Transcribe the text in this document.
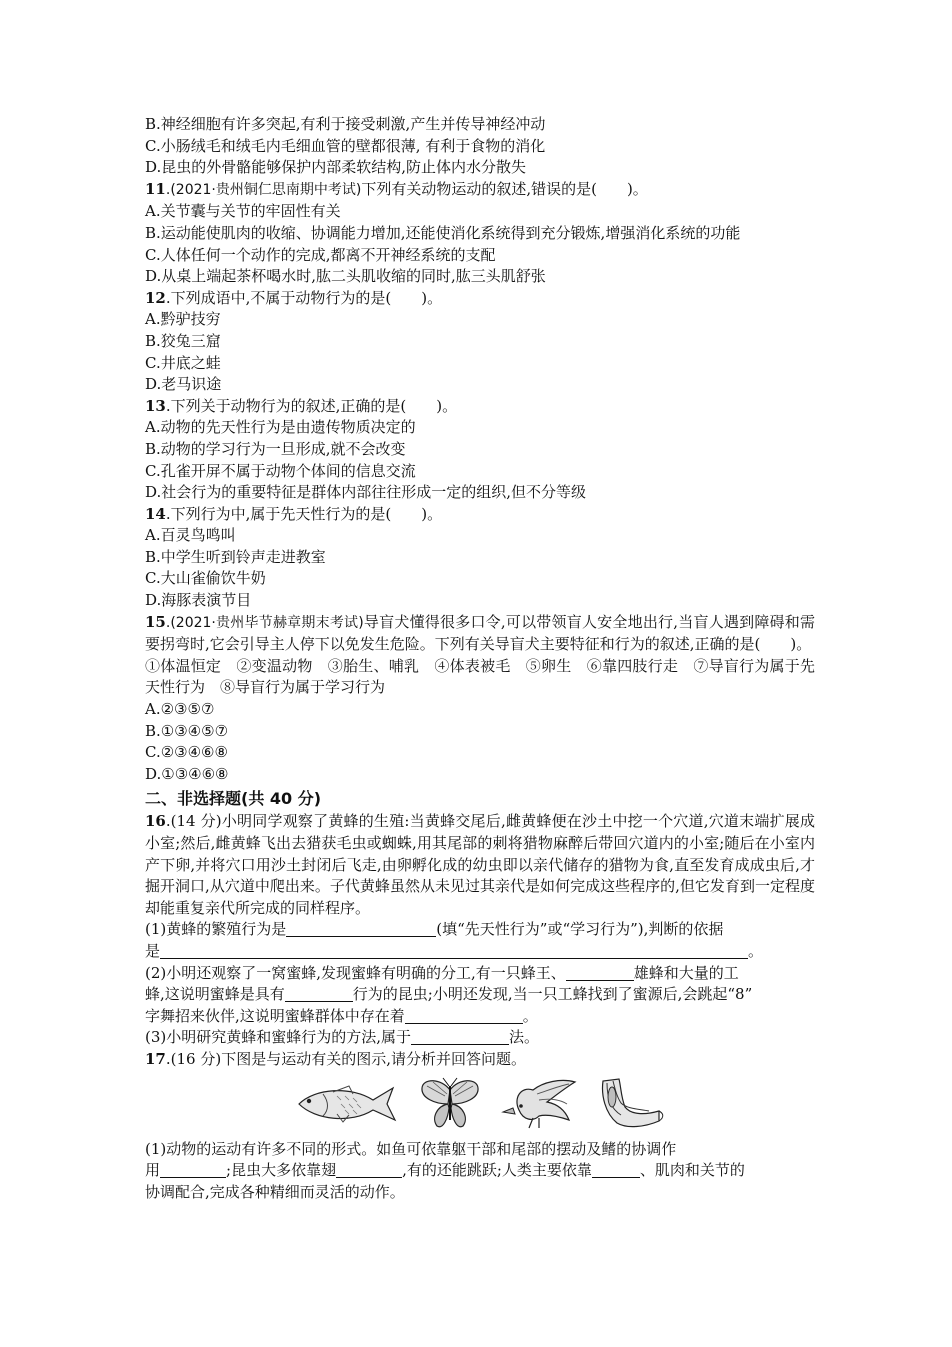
B.神经细胞有许多突起,有利于接受刺激,产生并传导神经冲动
C.小肠绒毛和绒毛内毛细血管的壁都很薄, 有利于食物的消化
D.昆虫的外骨骼能够保护内部柔软结构,防止体内水分散失
11.(2021·贵州铜仁思南期中考试)下列有关动物运动的叙述,错误的是(　　)。
A.关节囊与关节的牢固性有关
B.运动能使肌肉的收缩、协调能力增加,还能使消化系统得到充分锻炼,增强消化系统的功能
C.人体任何一个动作的完成,都离不开神经系统的支配
D.从桌上端起茶杯喝水时,肱二头肌收缩的同时,肱三头肌舒张
12.下列成语中,不属于动物行为的是(　　)。
A.黔驴技穷
B.狡兔三窟
C.井底之蛙
D.老马识途
13.下列关于动物行为的叙述,正确的是(　　)。
A.动物的先天性行为是由遗传物质决定的
B.动物的学习行为一旦形成,就不会改变
C.孔雀开屏不属于动物个体间的信息交流
D.社会行为的重要特征是群体内部往往形成一定的组织,但不分等级
14.下列行为中,属于先天性行为的是(　　)。
A.百灵鸟鸣叫
B.中学生听到铃声走进教室
C.大山雀偷饮牛奶
D.海豚表演节目
15.(2021·贵州毕节赫章期末考试)导盲犬懂得很多口令,可以带领盲人安全地出行,当盲人遇到障碍和需要拐弯时,它会引导主人停下以免发生危险。下列有关导盲犬主要特征和行为的叙述,正确的是(　　)。
①体温恒定　②变温动物　③胎生、哺乳　④体表被毛　⑤卵生　⑥靠四肢行走　⑦导盲行为属于先天性行为　⑧导盲行为属于学习行为
A.②③⑤⑦
B.①③④⑤⑦
C.②③④⑥⑧
D.①③④⑥⑧
二、非选择题(共 40 分)
16.(14 分)小明同学观察了黄蜂的生殖:当黄蜂交尾后,雌黄蜂便在沙土中挖一个穴道,穴道末端扩展成小室;然后,雌黄蜂飞出去猎获毛虫或蜘蛛,用其尾部的刺将猎物麻醉后带回穴道内的小室;随后在小室内产下卵,并将穴口用沙土封闭后飞走,由卵孵化成的幼虫即以亲代储存的猎物为食,直至发育成成虫后,才掘开洞口,从穴道中爬出来。子代黄蜂虽然从未见过其亲代是如何完成这些程序的,但它发育到一定程度却能重复亲代所完成的同样程序。
(1)黄蜂的繁殖行为是	(填“先天性行为”或“学习行为”),判断的依据
是	。
(2)小明还观察了一窝蜜蜂,发现蜜蜂有明确的分工,有一只蜂王、	雄蜂和大量的工
蜂,这说明蜜蜂是具有	行为的昆虫;小明还发现,当一只工蜂找到了蜜源后,会跳起“8”
字舞招来伙伴,这说明蜜蜂群体中存在着	。
(3)小明研究黄蜂和蜜蜂行为的方法,属于	法。
17.(16 分)下图是与运动有关的图示,请分析并回答问题。
(1)动物的运动有许多不同的形式。如鱼可依靠躯干部和尾部的摆动及鳍的协调作
用	;昆虫大多依靠翅	,有的还能跳跃;人类主要依靠	、肌肉和关节的
协调配合,完成各种精细而灵活的动作。
